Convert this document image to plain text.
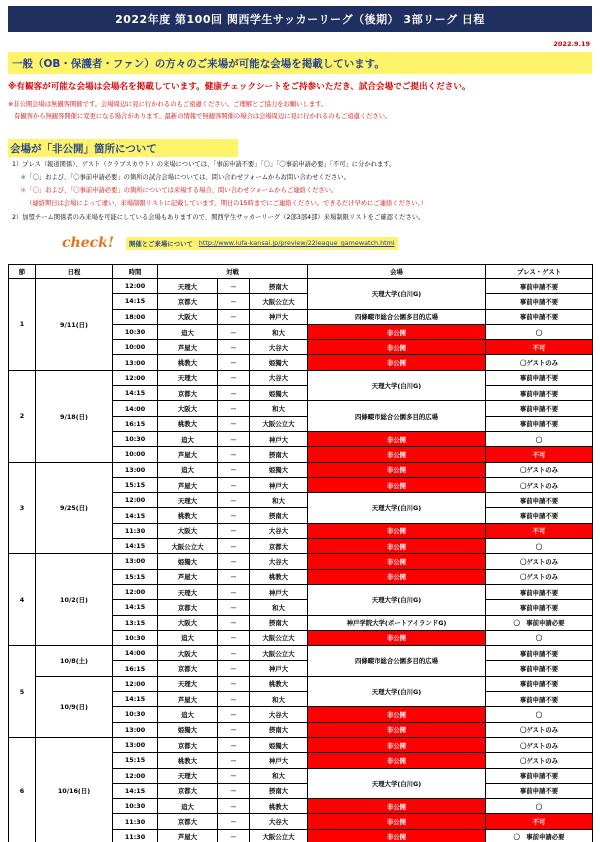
2022年度 第100回 関西学生サッカーリーグ（後期） 3部リーグ 日程
2022.9.19
一般（OB・保護者・ファン）の方々のご来場が可能な会場を掲載しています。
※有観客が可能な会場は会場名を掲載しています。健康チェックシートをご持参いただき、試合会場でご提出ください。
※非公開会場は無観客開催です。会場周辺に見に行かれるのもご遠慮ください。ご理解とご協力をお願いします。
有観客から無観客開催に変更になる場合があります。最新の情報で無観客開催の場合は会場周辺に見に行かれるのもご遠慮ください。
会場が「非公開」箇所について
1）プレス（報道関係）、ゲスト（クラブスカウト）の来場については、「事前申請不要」「〇」「〇事前申請必要」「不可」に分かれます。
＊「〇」および、「〇事前申請必要」の箇所の試合会場については、問い合わせフォームからお問い合わせください。
＊「〇」および、「〇事前申請必要」の箇所については来場する場合、問い合わせフォームからご連絡ください。
（連絡期日は会場によって違い、来場制限リストに記載しています。期日の15時までにご連絡ください。できるだけ早めにご連絡ください。）
2）加盟チーム関係者のみ来場を可能にしている会場もありますので、関西学生サッカーリーグ（2部3部4部）来場制限リストをご確認ください。
check!	開催とご来場について http://www.iufa-kansai.jp/preview/22league_gamewatch.html
節	日程	時間	対戦			会場	プレス・ゲスト
1	9/11(日)	12:00	天理大	－	摂南大	天理大学(白川G)	事前申請不要
		14:15	京都大	－	大阪公立大		事前申請不要
		18:00	大阪大	－	神戸大	四條畷市総合公園多目的広場	事前申請不要
		10:30	追大	－	和大	非公開	〇
		10:00	芦屋大	－	大谷大	非公開	不可
		13:00	桃教大	－	姫獨大	非公開	〇ゲストのみ
2	9/18(日)	12:00	天理大	－	大谷大	天理大学(白川G)	事前申請不要
		14:15	京都大	－	姫獨大		事前申請不要
		14:00	大阪大	－	和大	四條畷市総合公園多目的広場	事前申請不要
		16:15	桃教大	－	大阪公立大		事前申請不要
		10:30	追大	－	神戸大	非公開	〇
		10:00	芦屋大	－	摂南大	非公開	不可
3	9/25(日)	13:00	追大	－	姫獨大	非公開	〇ゲストのみ
		15:15	芦屋大	－	神戸大	非公開	〇ゲストのみ
		12:00	天理大	－	和大	天理大学(白川G)	事前申請不要
		14:15	桃教大	－	摂南大		事前申請不要
		11:30	大阪大	－	大谷大	非公開	不可
		14:15	大阪公立大	－	京都大	非公開	〇
4	10/2(日)	13:00	姫獨大	－	大谷大	非公開	〇ゲストのみ
		15:15	芦屋大	－	桃教大	非公開	〇ゲストのみ
		12:00	天理大	－	神戸大	天理大学(白川G)	事前申請不要
		14:15	京都大	－	和大		事前申請不要
		13:15	大阪大	－	摂南大	神戸学院大学(ポートアイランドG)	〇　事前申請必要
		10:30	追大	－	大阪公立大	非公開	〇
5	10/8(土)	14:00	大阪大	－	大阪公立大	四條畷市総合公園多目的広場	事前申請不要
		16:15	京都大	－	神戸大		事前申請不要
	10/9(日)	12:00	天理大	－	桃教大	天理大学(白川G)	事前申請不要
		14:15	芦屋大	－	和大		事前申請不要
		10:30	追大	－	大谷大	非公開	〇
		13:00	姫獨大	－	摂南大	非公開	〇ゲストのみ
6	10/16(日)	13:00	京都大	－	姫獨大	非公開	〇ゲストのみ
		15:15	桃教大	－	神戸大	非公開	〇ゲストのみ
		12:00	天理大	－	和大	天理大学(白川G)	事前申請不要
		14:15	京都大	－	摂南大		事前申請不要
		10:30	追大	－	桃教大	非公開	〇
		11:30	京都大	－	大谷大	非公開	不可
		11:30	芦屋大	－	大阪公立大	非公開	〇　事前申請必要
